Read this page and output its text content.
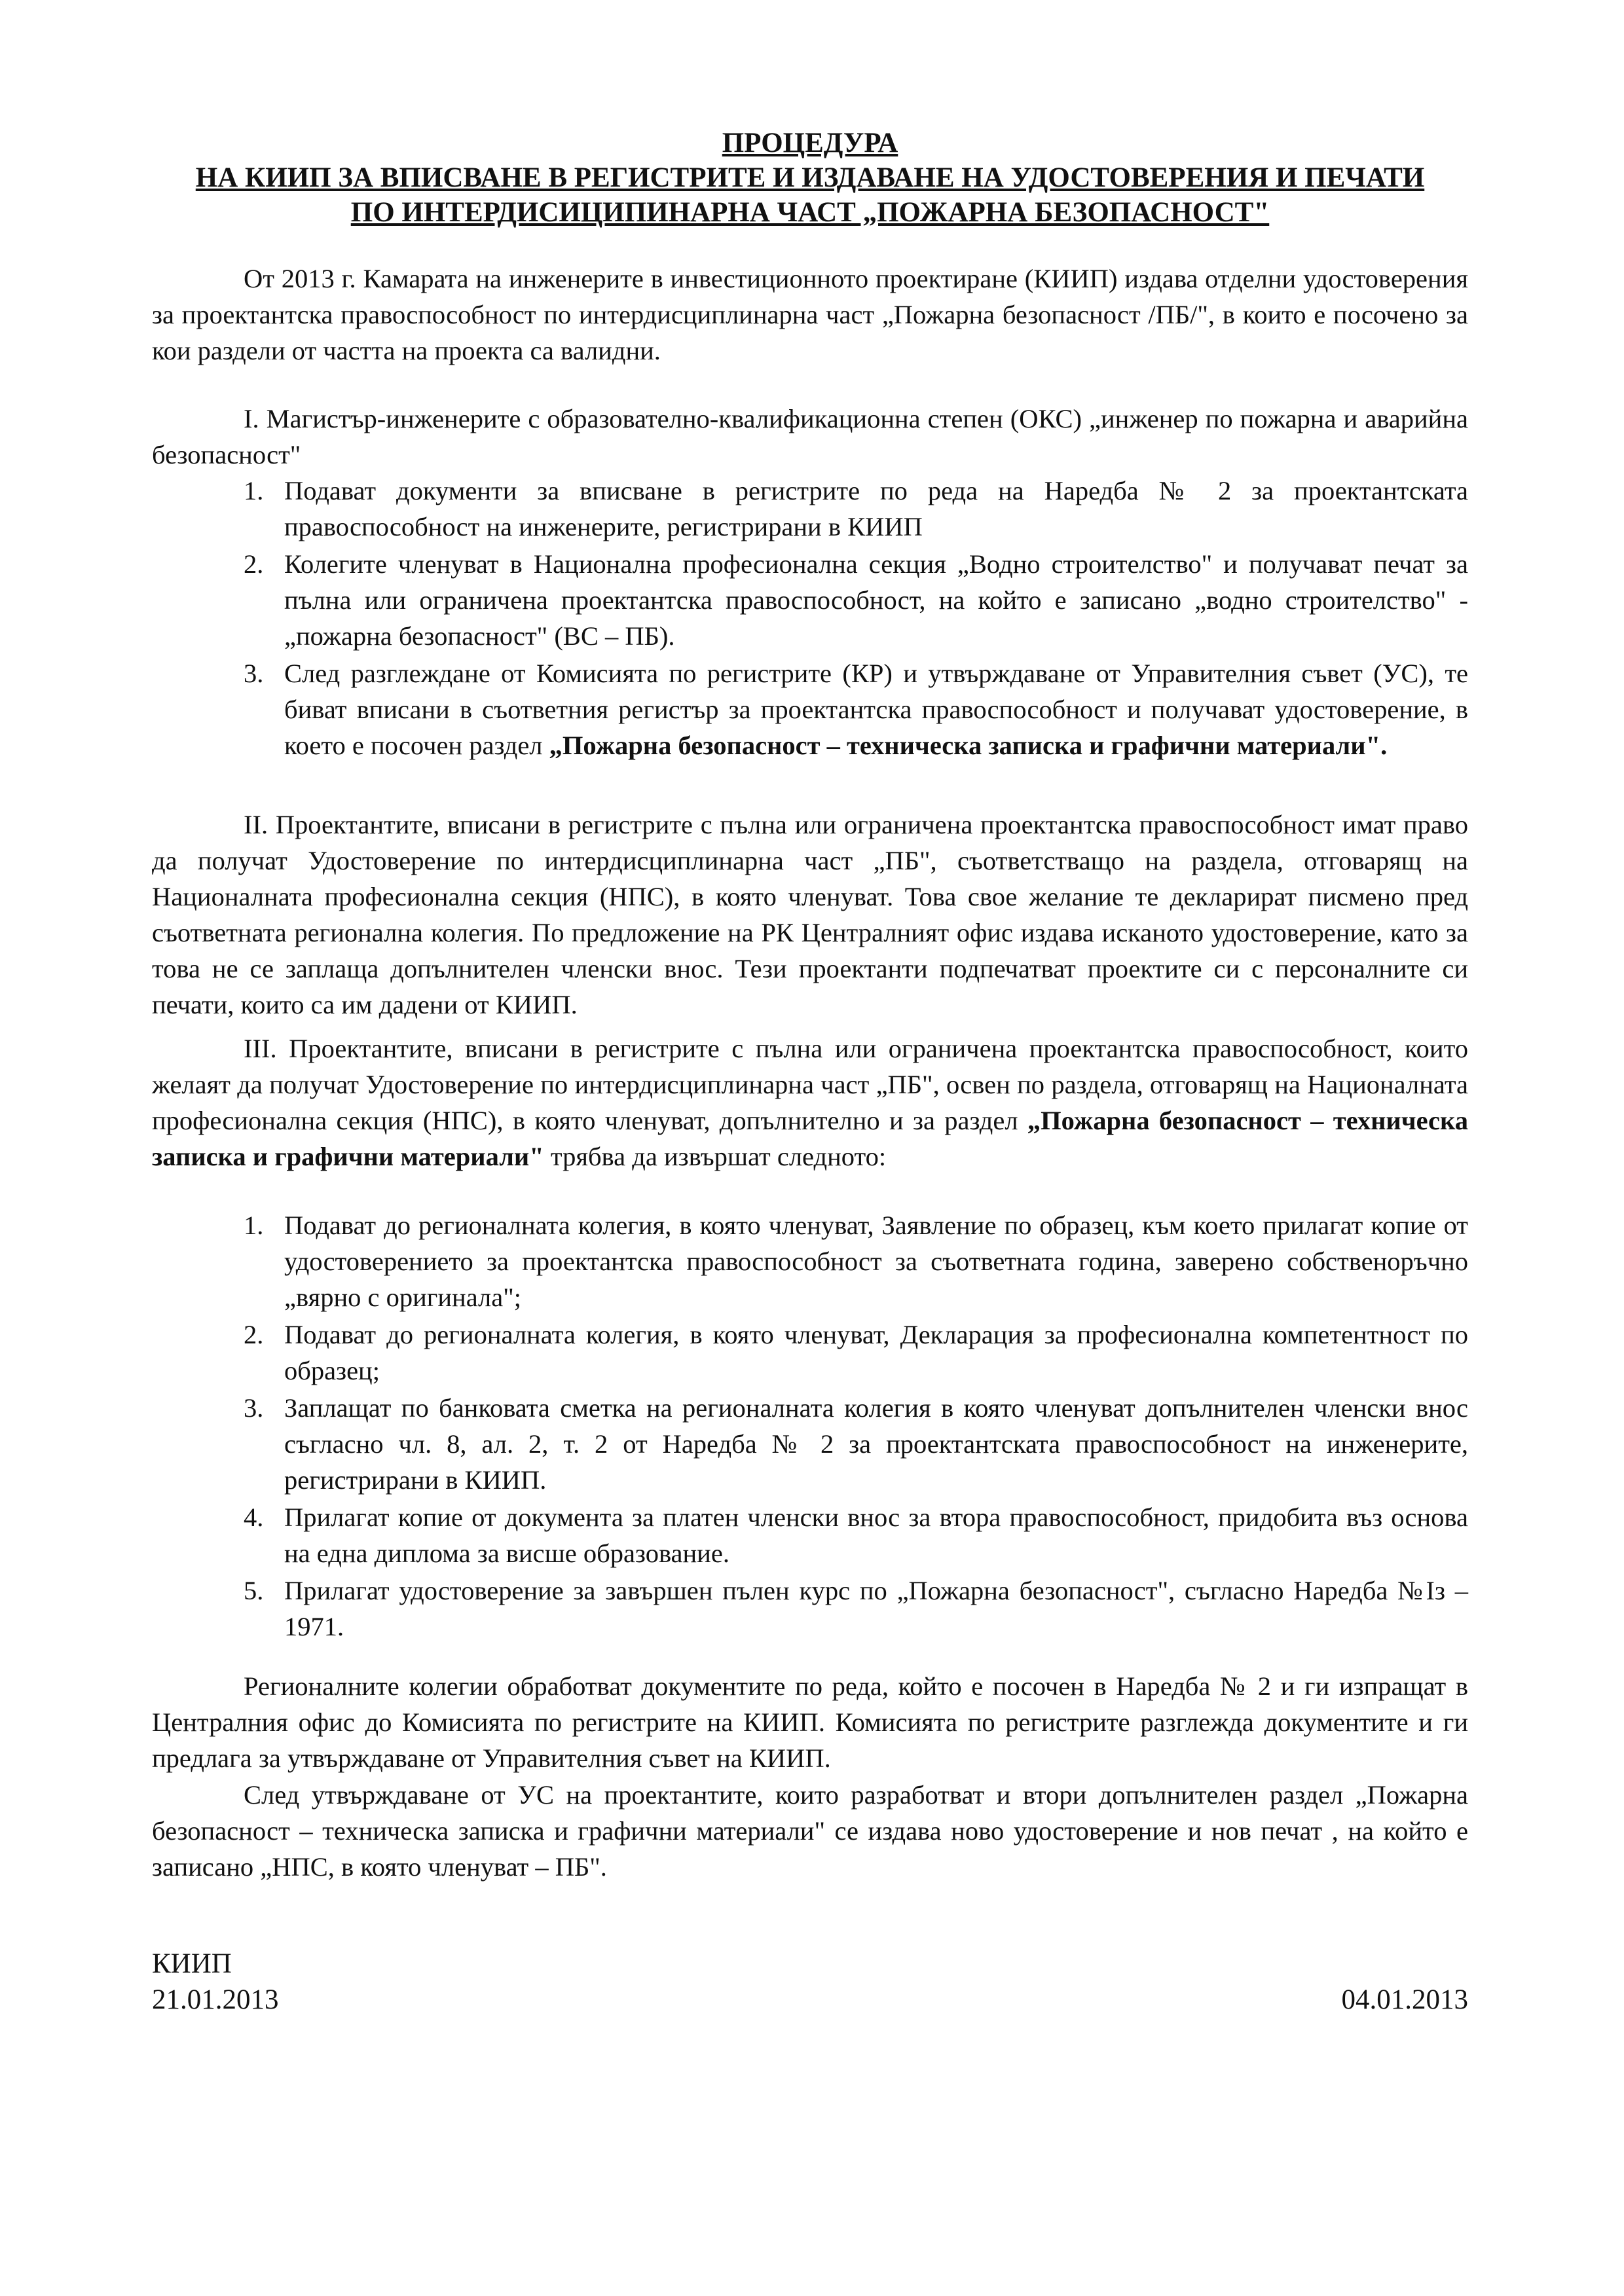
ПРОЦЕДУРА
НА КИИП ЗА ВПИСВАНЕ В РЕГИСТРИТЕ И ИЗДАВАНЕ НА УДОСТОВЕРЕНИЯ И ПЕЧАТИ
ПО ИНТЕРДИСИЦИПИНАРНА ЧАСТ „ПОЖАРНА БЕЗОПАСНОСТ"

От 2013 г. Камарата на инженерите в инвестиционното проектиране (КИИП) издава отделни удостоверения за проектантска правоспособност по интердисциплинарна част „Пожарна безопасност /ПБ/", в които е посочено за кои раздели от частта на проекта са валидни.

I. Магистър-инженерите с образователно-квалификационна степен (ОКС) „инженер по пожарна и аварийна безопасност"

1. Подават документи за вписване в регистрите по реда на Наредба № 2 за проектантската правоспособност на инженерите, регистрирани в КИИП
2. Колегите членуват в Национална професионална секция „Водно строителство" и получават печат за пълна или ограничена проектантска правоспособност, на който е записано „водно строителство" - „пожарна безопасност" (ВС – ПБ).
3. След разглеждане от Комисията по регистрите (КР) и утвърждаване от Управителния съвет (УС), те биват вписани в съответния регистър за проектантска правоспособност и получават удостоверение, в което е посочен раздел „Пожарна безопасност – техническа записка и графични материали".

II. Проектантите, вписани в регистрите с пълна или ограничена проектантска правоспособност имат право да получат Удостоверение по интердисциплинарна част „ПБ", съответстващо на раздела, отговарящ на Националната професионална секция (НПС), в която членуват. Това свое желание те декларират писмено пред съответната регионална колегия. По предложение на РК Централният офис издава исканото удостоверение, като за това не се заплаща допълнителен членски внос. Тези проектанти подпечатват проектите си с персоналните си печати, които са им дадени от КИИП.

III. Проектантите, вписани в регистрите с пълна или ограничена проектантска правоспособност, които желаят да получат Удостоверение по интердисциплинарна част „ПБ", освен по раздела, отговарящ на Националната професионална секция (НПС), в която членуват, допълнително и за раздел „Пожарна безопасност – техническа записка и графични материали" трябва да извършат следното:

1. Подават до регионалната колегия, в която членуват, Заявление по образец, към което прилагат копие от удостоверението за проектантска правоспособност за съответната година, заверено собственоръчно „вярно с оригинала";
2. Подават до регионалната колегия, в която членуват, Декларация за професионална компетентност по образец;
3. Заплащат по банковата сметка на регионалната колегия в която членуват допълнителен членски внос съгласно чл. 8, ал. 2, т. 2 от Наредба № 2 за проектантската правоспособност на инженерите, регистрирани в КИИП.
4. Прилагат копие от документа за платен членски внос за втора правоспособност, придобита въз основа на една диплома за висше образование.
5. Прилагат удостоверение за завършен пълен курс по „Пожарна безопасност", съгласно Наредба №Iз – 1971.

Регионалните колегии обработват документите по реда, който е посочен в Наредба № 2 и ги изпращат в Централния офис до Комисията по регистрите на КИИП. Комисията по регистрите разглежда документите и ги предлага за утвърждаване от Управителния съвет на КИИП.

След утвърждаване от УС на проектантите, които разработват и втори допълнителен раздел „Пожарна безопасност – техническа записка и графични материали" се издава ново удостоверение и нов печат , на който е записано „НПС, в която членуват – ПБ".

КИИП
21.01.2013	04.01.2013
